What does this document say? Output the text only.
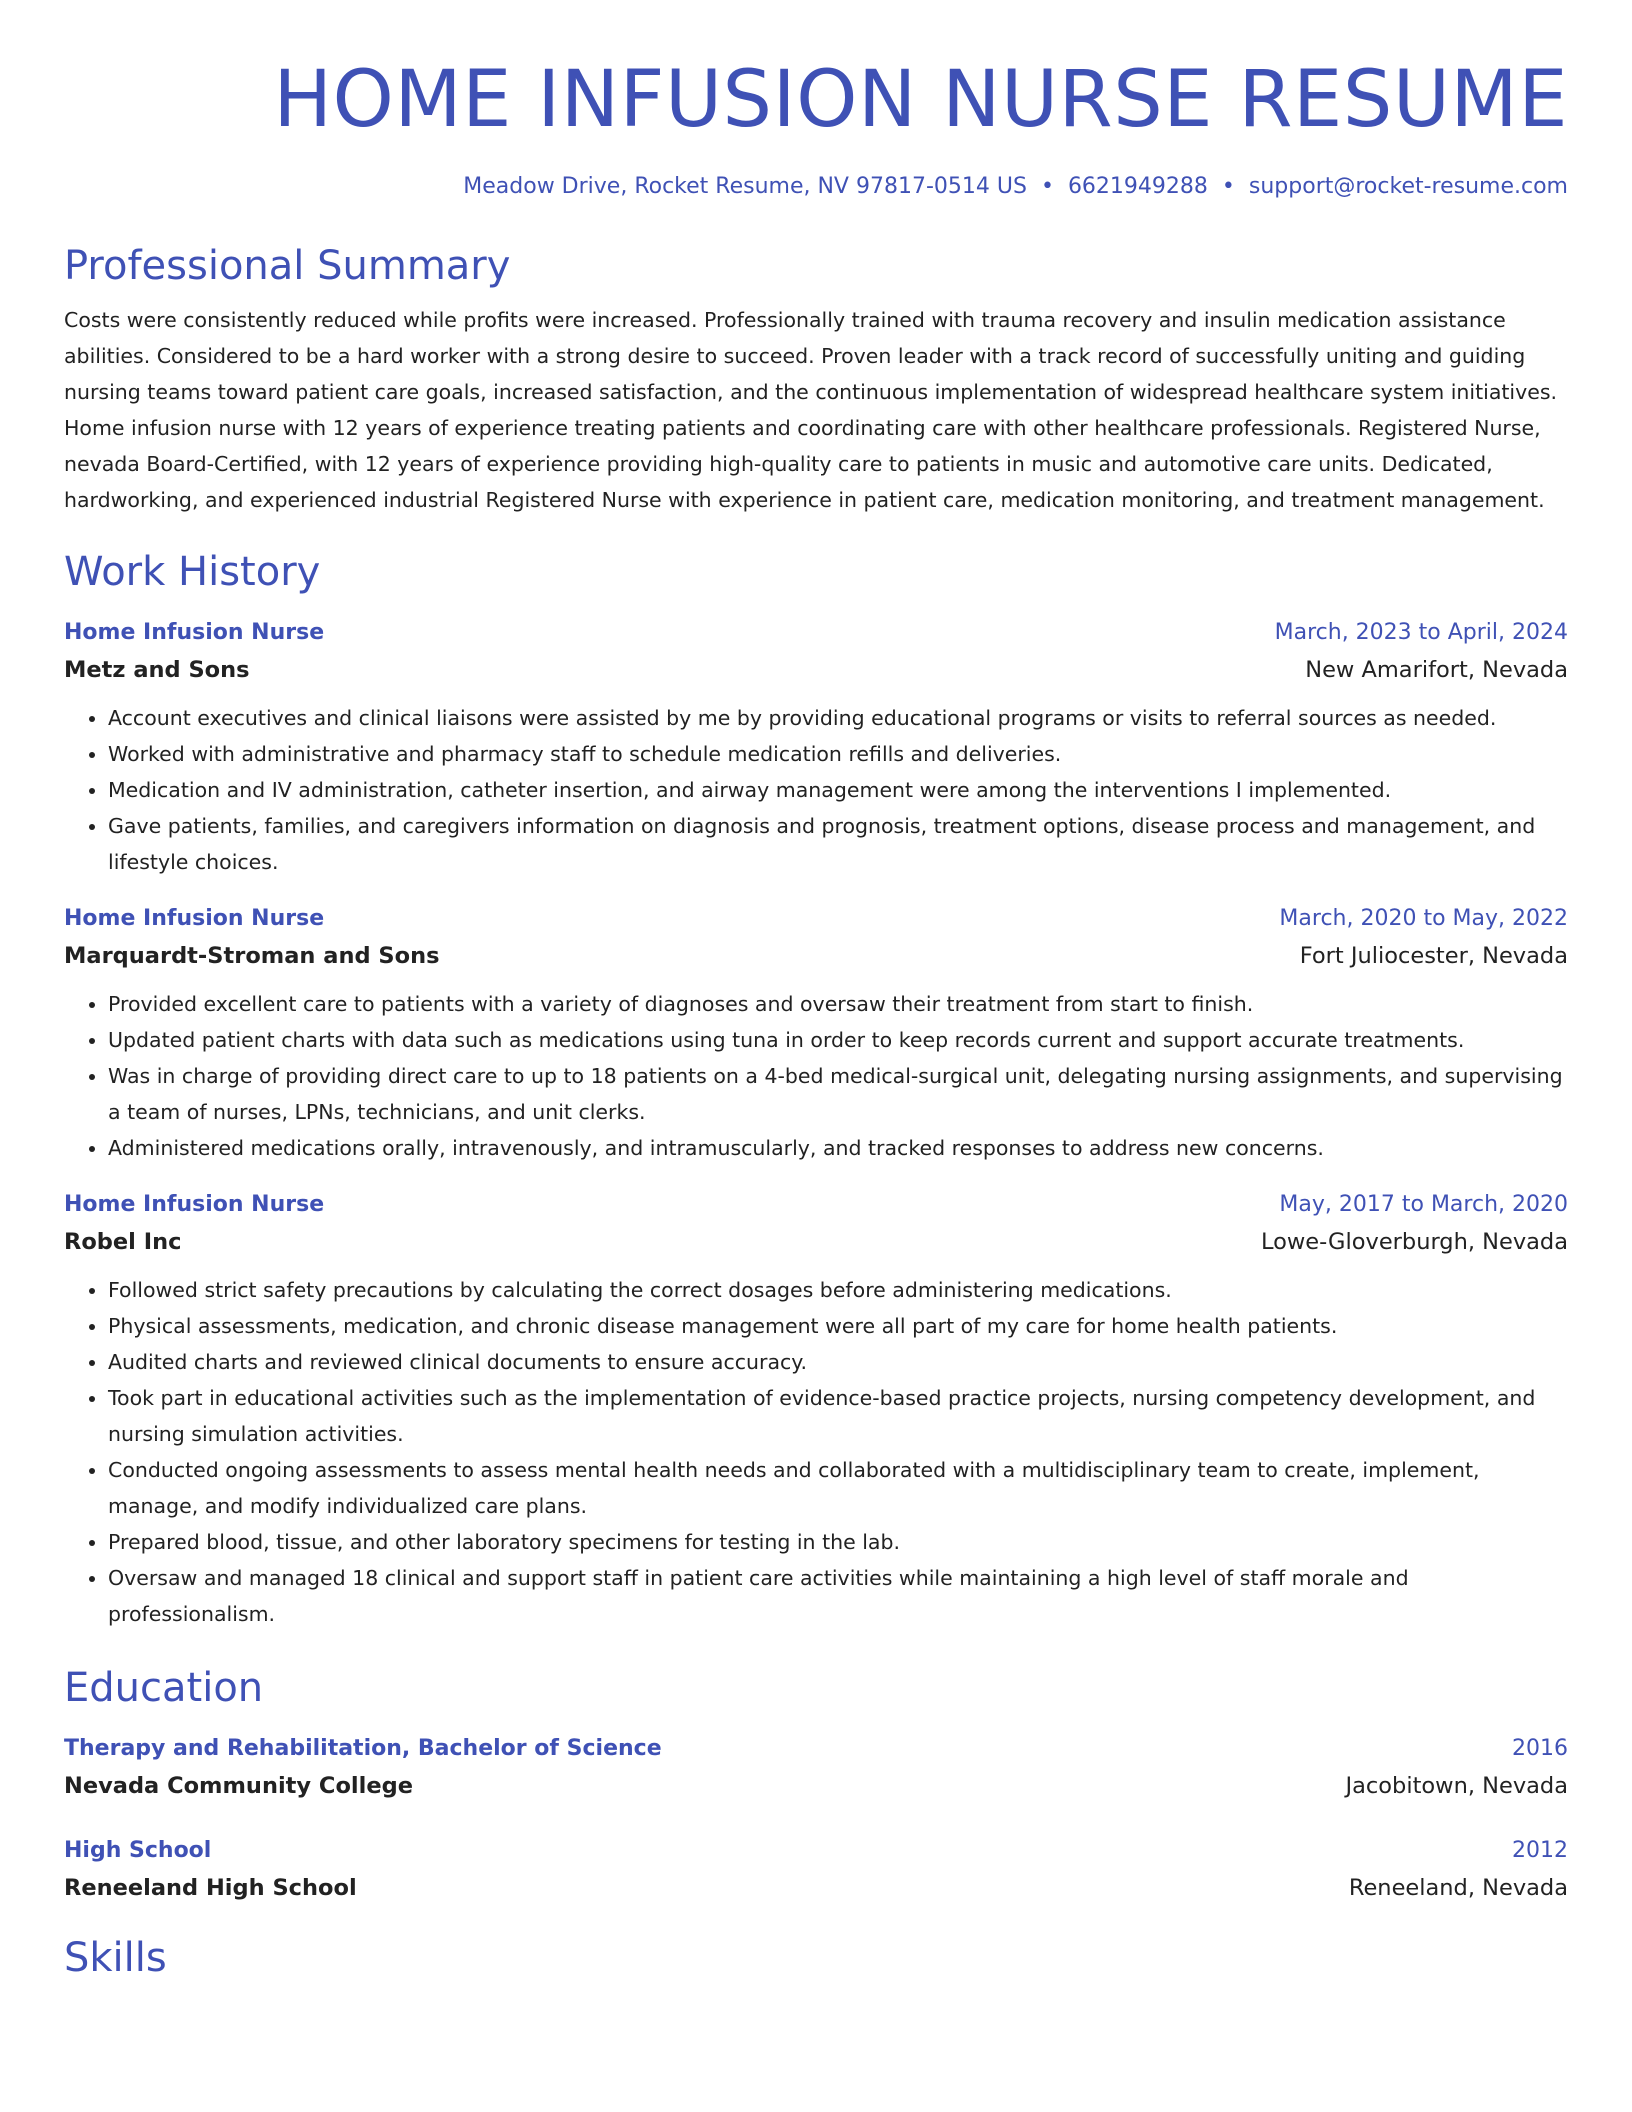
HOME INFUSION NURSE RESUME
Meadow Drive, Rocket Resume, NV 97817-0514 US • 6621949288 • support@rocket-resume.com
Professional Summary

Costs were consistently reduced while profits were increased. Professionally trained with trauma recovery and insulin medication assistance abilities. Considered to be a hard worker with a strong desire to succeed. Proven leader with a track record of successfully uniting and guiding nursing teams toward patient care goals, increased satisfaction, and the continuous implementation of widespread healthcare system initiatives. Home infusion nurse with 12 years of experience treating patients and coordinating care with other healthcare professionals. Registered Nurse, nevada Board-Certified, with 12 years of experience providing high-quality care to patients in music and automotive care units. Dedicated, hardworking, and experienced industrial Registered Nurse with experience in patient care, medication monitoring, and treatment management.

Work History
Home Infusion Nurse	March, 2023 to April, 2024
Metz and Sons	New Amarifort, Nevada
• Account executives and clinical liaisons were assisted by me by providing educational programs or visits to referral sources as needed.
• Worked with administrative and pharmacy staff to schedule medication refills and deliveries.
• Medication and IV administration, catheter insertion, and airway management were among the interventions I implemented.
• Gave patients, families, and caregivers information on diagnosis and prognosis, treatment options, disease process and management, and lifestyle choices.
Home Infusion Nurse	March, 2020 to May, 2022
Marquardt-Stroman and Sons	Fort Juliocester, Nevada
• Provided excellent care to patients with a variety of diagnoses and oversaw their treatment from start to finish.
• Updated patient charts with data such as medications using tuna in order to keep records current and support accurate treatments.
• Was in charge of providing direct care to up to 18 patients on a 4-bed medical-surgical unit, delegating nursing assignments, and supervising a team of nurses, LPNs, technicians, and unit clerks.
• Administered medications orally, intravenously, and intramuscularly, and tracked responses to address new concerns.
Home Infusion Nurse	May, 2017 to March, 2020
Robel Inc	Lowe-Gloverburgh, Nevada
• Followed strict safety precautions by calculating the correct dosages before administering medications.
• Physical assessments, medication, and chronic disease management were all part of my care for home health patients.
• Audited charts and reviewed clinical documents to ensure accuracy.
• Took part in educational activities such as the implementation of evidence-based practice projects, nursing competency development, and nursing simulation activities.
• Conducted ongoing assessments to assess mental health needs and collaborated with a multidisciplinary team to create, implement, manage, and modify individualized care plans.
• Prepared blood, tissue, and other laboratory specimens for testing in the lab.
• Oversaw and managed 18 clinical and support staff in patient care activities while maintaining a high level of staff morale and professionalism.
Education
Therapy and Rehabilitation, Bachelor of Science	2016
Nevada Community College	Jacobitown, Nevada
High School	2012
Reneeland High School	Reneeland, Nevada
Skills
